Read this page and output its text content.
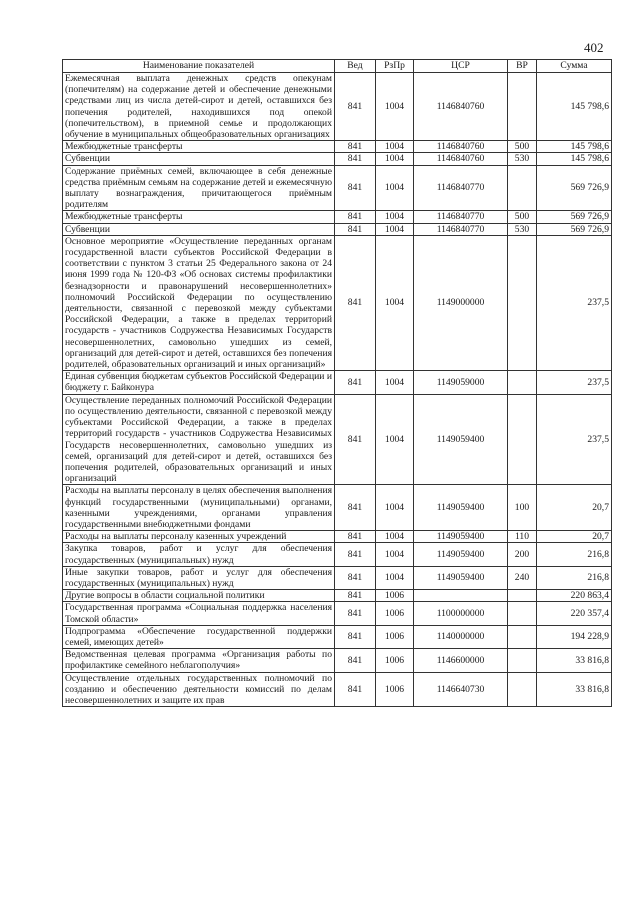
402
Наименование показателей	Вед	РзПр	ЦСР	ВР	Сумма
Ежемесячная выплата денежных средств опекунам (попечителям) на содержание детей и обеспечение денежными средствами лиц из числа детей-сирот и детей, оставшихся без попечения родителей, находившихся под опекой (попечительством), в приемной семье и продолжающих обучение в муниципальных общеобразовательных организациях	841	1004	1146840760		145 798,6
Межбюджетные трансферты	841	1004	1146840760	500	145 798,6
Субвенции	841	1004	1146840760	530	145 798,6
Содержание приёмных семей, включающее в себя денежные средства приёмным семьям на содержание детей и ежемесячную выплату вознаграждения, причитающегося приёмным родителям	841	1004	1146840770		569 726,9
Межбюджетные трансферты	841	1004	1146840770	500	569 726,9
Субвенции	841	1004	1146840770	530	569 726,9
Основное мероприятие «Осуществление переданных органам государственной власти субъектов Российской Федерации в соответствии с пунктом 3 статьи 25 Федерального закона от 24 июня 1999 года № 120-ФЗ «Об основах системы профилактики безнадзорности и правонарушений несовершеннолетних» полномочий Российской Федерации по осуществлению деятельности, связанной с перевозкой между субъектами Российской Федерации, а также в пределах территорий государств - участников Содружества Независимых Государств несовершеннолетних, самовольно ушедших из семей, организаций для детей-сирот и детей, оставшихся без попечения родителей, образовательных организаций и иных организаций»	841	1004	1149000000		237,5
Единая субвенция бюджетам субъектов Российской Федерации и бюджету г. Байконура	841	1004	1149059000		237,5
Осуществление переданных полномочий Российской Федерации по осуществлению деятельности, связанной с перевозкой между субъектами Российской Федерации, а также в пределах территорий государств - участников Содружества Независимых Государств несовершеннолетних, самовольно ушедших из семей, организаций для детей-сирот и детей, оставшихся без попечения родителей, образовательных организаций и иных организаций	841	1004	1149059400		237,5
Расходы на выплаты персоналу в целях обеспечения выполнения функций государственными (муниципальными) органами, казенными учреждениями, органами управления государственными внебюджетными фондами	841	1004	1149059400	100	20,7
Расходы на выплаты персоналу казенных учреждений	841	1004	1149059400	110	20,7
Закупка товаров, работ и услуг для обеспечения государственных (муниципальных) нужд	841	1004	1149059400	200	216,8
Иные закупки товаров, работ и услуг для обеспечения государственных (муниципальных) нужд	841	1004	1149059400	240	216,8
Другие вопросы в области социальной политики	841	1006			220 863,4
Государственная программа «Социальная поддержка населения Томской области»	841	1006	1100000000		220 357,4
Подпрограмма «Обеспечение государственной поддержки семей, имеющих детей»	841	1006	1140000000		194 228,9
Ведомственная целевая программа «Организация работы по профилактике семейного неблагополучия»	841	1006	1146600000		33 816,8
Осуществление отдельных государственных полномочий по созданию и обеспечению деятельности комиссий по делам несовершеннолетних и защите их прав	841	1006	1146640730		33 816,8
